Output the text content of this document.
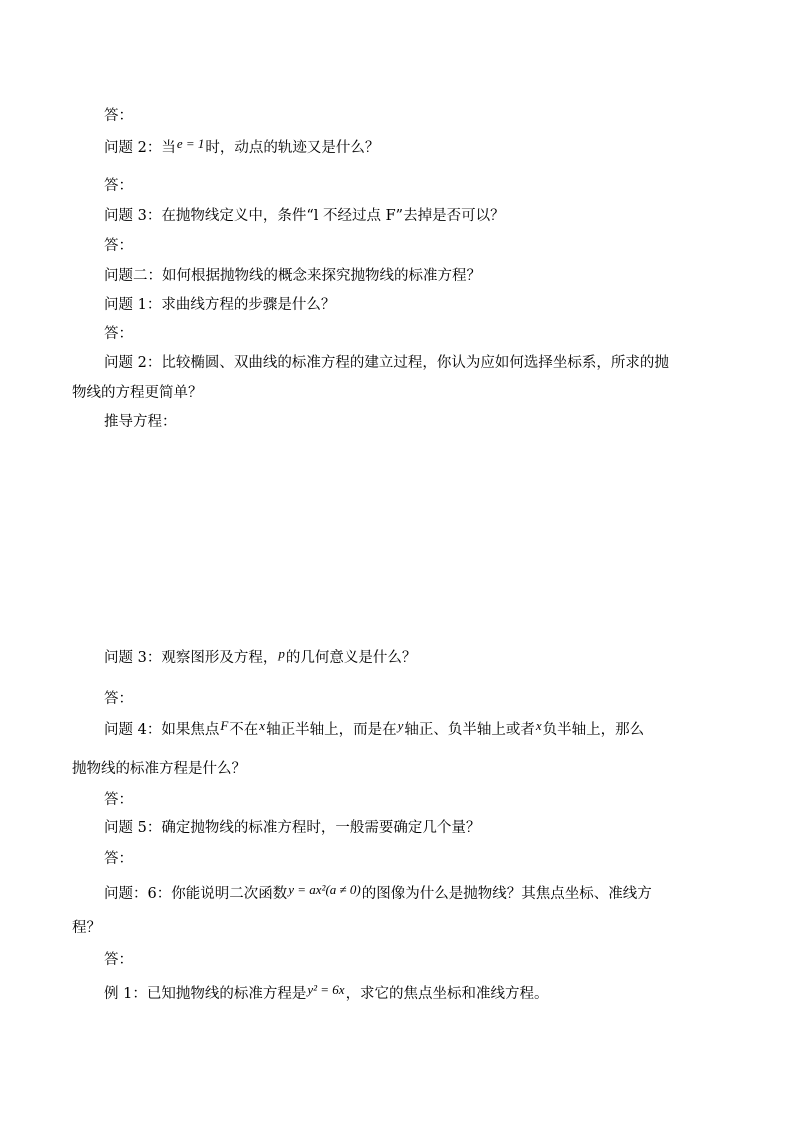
答：
问题 2：当e = 1时，动点的轨迹又是什么？
答：
问题 3：在抛物线定义中，条件“l 不经过点 F”去掉是否可以？
答：
问题二：如何根据抛物线的概念来探究抛物线的标准方程？
问题 1：求曲线方程的步骤是什么？
答：
问题 2：比较椭圆、双曲线的标准方程的建立过程，你认为应如何选择坐标系，所求的抛
物线的方程更简单？
推导方程：
问题 3：观察图形及方程，p的几何意义是什么？
答：
问题 4：如果焦点F不在x轴正半轴上，而是在y轴正、负半轴上或者x负半轴上，那么
抛物线的标准方程是什么？
答：
问题 5：确定抛物线的标准方程时，一般需要确定几个量？
答：
问题：6：你能说明二次函数y = ax²(a ≠ 0)的图像为什么是抛物线？其焦点坐标、准线方
程？
答：
例 1：已知抛物线的标准方程是y² = 6x，求它的焦点坐标和准线方程。
